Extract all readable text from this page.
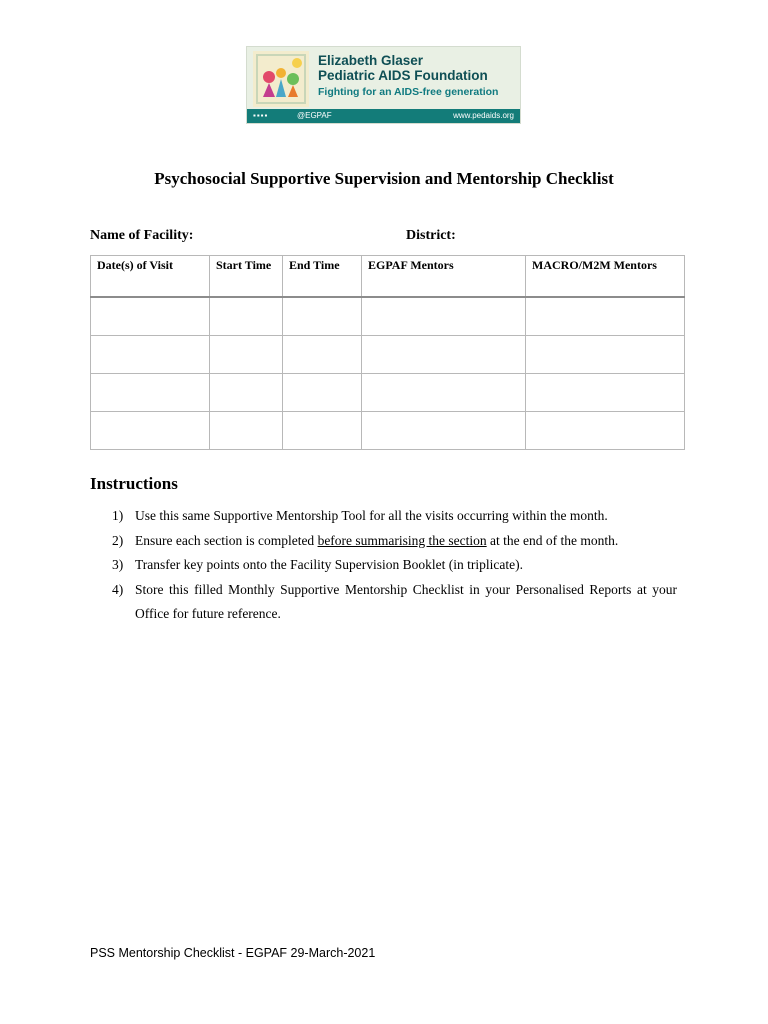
Elizabeth Glaser
Pediatric AIDS Foundation
Fighting for an AIDS-free generation
▪▪▪▪	@EGPAF	www.pedaids.org
Psychosocial Supportive Supervision and Mentorship Checklist
Name of Facility:	District:
Date(s) of Visit	Start Time	End Time	EGPAF Mentors	MACRO/M2M Mentors

Instructions
1) Use this same Supportive Mentorship Tool for all the visits occurring within the month.
2) Ensure each section is completed before summarising the section at the end of the month.
3) Transfer key points onto the Facility Supervision Booklet (in triplicate).
4) Store this filled Monthly Supportive Mentorship Checklist in your Personalised Reports at your Office for future reference.
PSS Mentorship Checklist - EGPAF 29-March-2021
